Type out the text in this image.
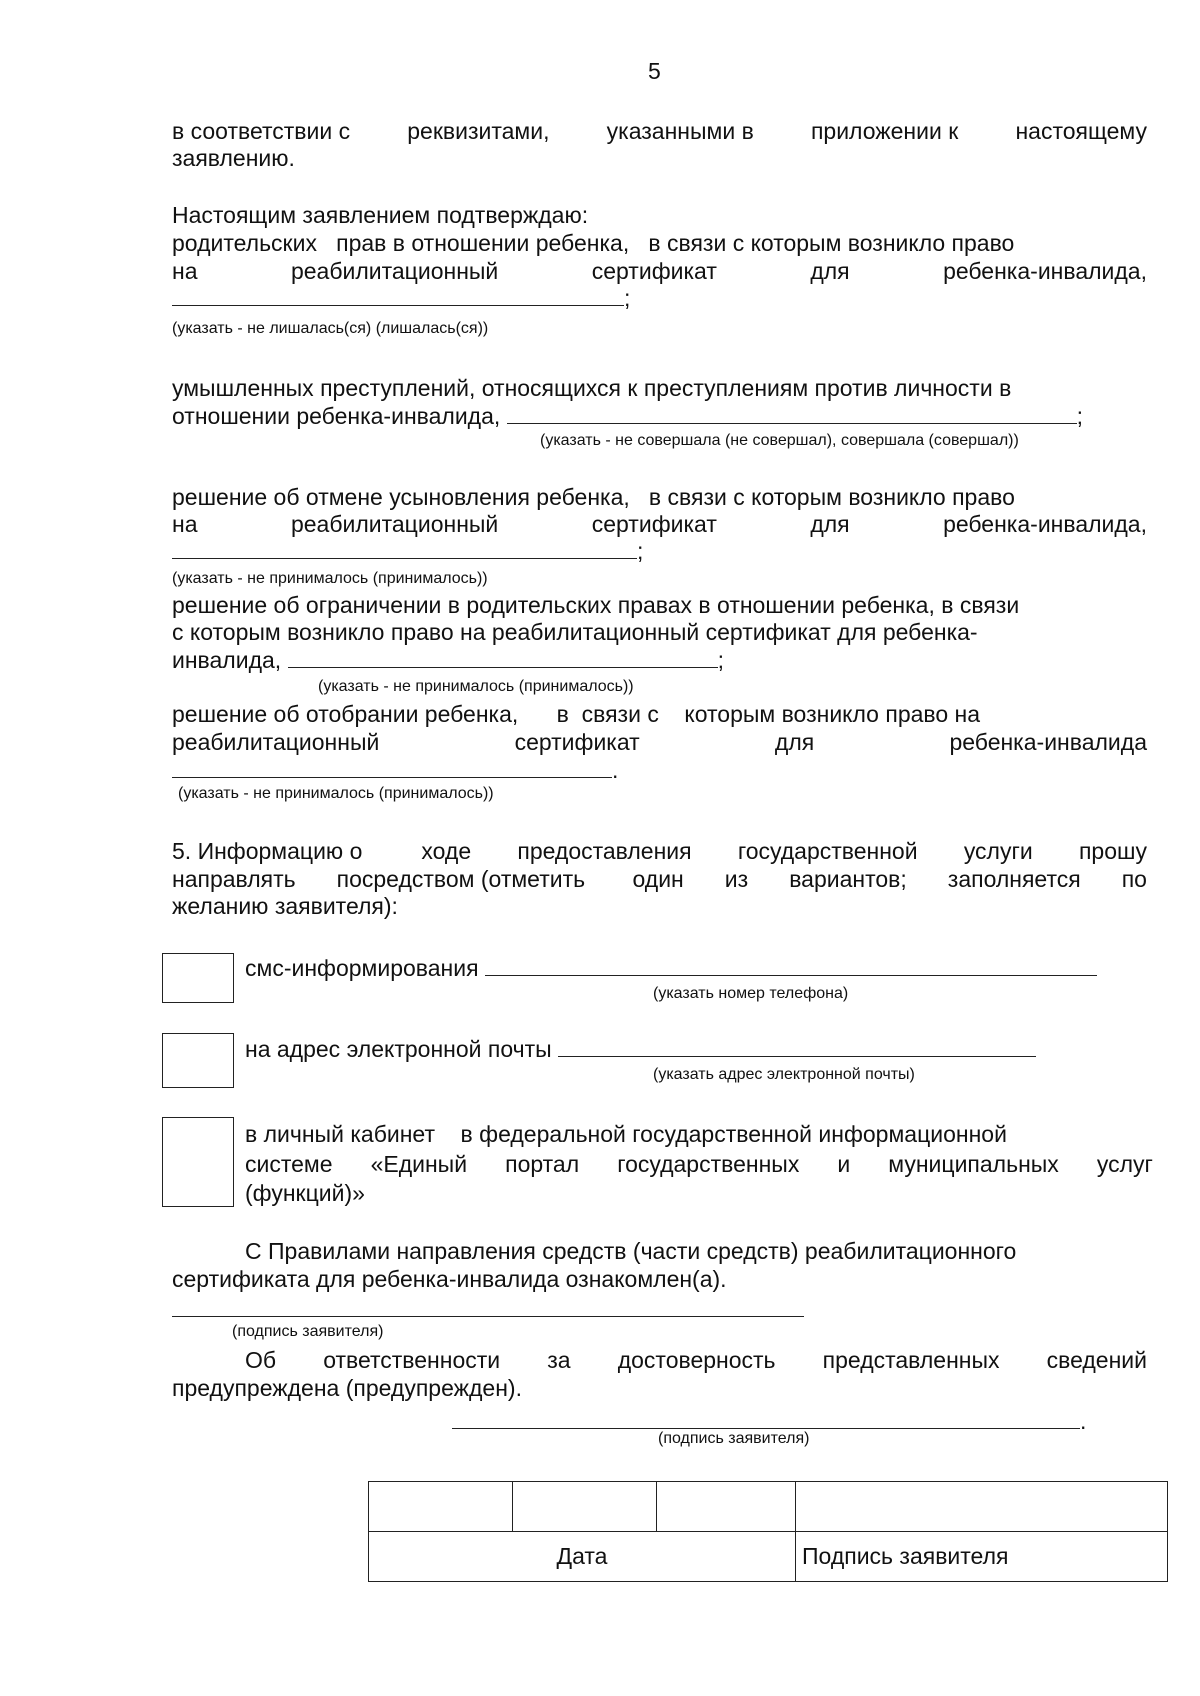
5
в соответствии с реквизитами, указанными в приложении к настоящему
заявлению.
Настоящим заявлением подтверждаю:
родительских   прав в отношении ребенка,   в связи с которым возникло право
на	реабилитационный	сертификат	для	ребенка-инвалида,
;
(указать - не лишалась(ся) (лишалась(ся))
умышленных преступлений, относящихся к преступлениям против личности в
отношении ребенка-инвалида,	;
(указать - не совершала (не совершал), совершала (совершал))
решение об отмене усыновления ребенка,   в связи с которым возникло право
на	реабилитационный	сертификат	для	ребенка-инвалида,
;
(указать - не принималось (принималось))
решение об ограничении в родительских правах в отношении ребенка, в связи
с которым возникло право на реабилитационный сертификат для ребенка-
инвалида,	;
(указать - не принималось (принималось))
решение об отобрании ребенка,      в  связи с    которым возникло право на
реабилитационный	сертификат	для	ребенка-инвалида
.
(указать - не принималось (принималось))
5. Информацию о ходе предоставления государственной услуги прошу
направлять посредством (отметить один из вариантов; заполняется по
желанию заявителя):
смс-информирования
(указать номер телефона)
на адрес электронной почты
(указать адрес электронной почты)
в личный кабинет    в федеральной государственной информационной
системе «Единый портал государственных и муниципальных услуг
(функций)»
С Правилами направления средств (части средств) реабилитационного
сертификата для ребенка-инвалида ознакомлен(а).
(подпись заявителя)
Об ответственности за достоверность представленных сведений
предупреждена (предупрежден).
.
(подпись заявителя)

Дата			Подпись заявителя
